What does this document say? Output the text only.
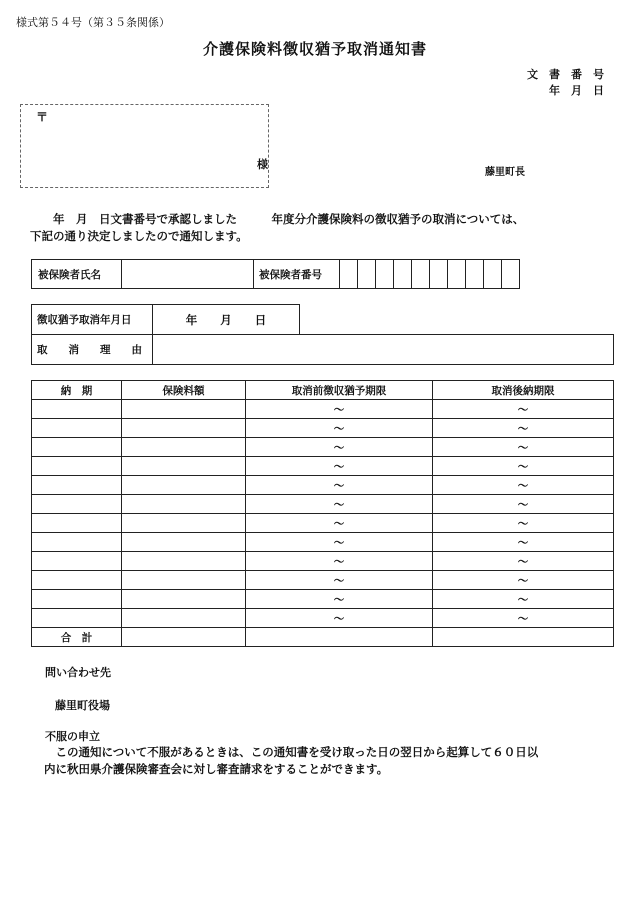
様式第５４号（第３５条関係）
介護保険料徴収猶予取消通知書
文　書　番　号
年　月　日
〒
様
藤里町長
　　年　月　日文書番号で承認しました　　　年度分介護保険料の徴収猶予の取消については、
下記の通り決定しましたので通知します。
被保険者氏名		被保険者番号										
徴収猶予取消年月日	年　　月　　日	
取　　消　　理　　由		
納　期	保険料額	取消前徴収猶予期限	取消後納期限
		～	～
		～	～
		～	～
		～	～
		～	～
		～	～
		～	～
		～	～
		～	～
		～	～
		～	～
		～	～
合　計			
問い合わせ先
藤里町役場
不服の申立
　この通知について不服があるときは、この通知書を受け取った日の翌日から起算して６０日以
内に秋田県介護保険審査会に対し審査請求をすることができます。
